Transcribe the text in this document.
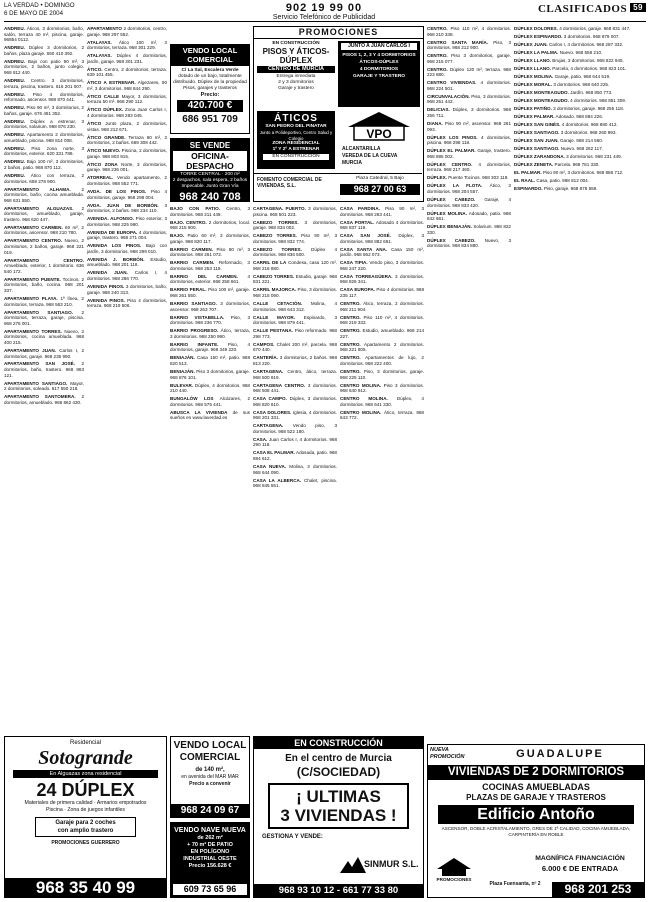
LA VERDAD • DOMINGO
6 DE MAYO DE 2004	902 19 99 00
Servicio Telefónico de Publicidad
CLASIFICADOS 59

ANDREU. Áticos, 3 dormitorios, baño, salón, terraza 40 m², piscina, garaje. 96854 0112.

ANDREU. Dúplex 3 dormitorios, 2 baños, plaza garaje. 650 410 392.

ANDREU. Bajo con patio 90 m², 3 dormitorios, 2 baños, junto colegio. 968 812 440.

ANDREU. Centro. 3 dormitorios, terraza, piscina, trastero. 616 201 007.

ANDREU. Piso 4 dormitorios, reformado, ascensor. 968 870 441.

ANDREU. Piso 90 m², 3 dormitorios, 2 baños, garaje. 676 481 352.

ANDREU. Dúplex a estrenar, 3 dormitorios, solarium. 968 876 230.

ANDREU. Apartamento 2 dormitorios, amueblado, piscina. 968 814 008.

ANDREU. Piso zona norte, 3 dormitorios, exterior. 620 331 789.

ANDREU. Bajo 100 m², 3 dormitorios, 2 baños, patio. 968 870 112.

ANDREU. Ático con terraza, 2 dormitorios. 659 278 900.

APARTAMENTO ALHAMA. 2 dormitorios, baño, cocina amueblada. 968 631 550.

APARTAMENTO ALGUAZAS. 2 dormitorios, amueblado, garaje, trastero. 968 620 447.

APARTAMENTO CARMEN. 60 m², 2 dormitorios, ascensor. 968 210 780.

APARTAMENTO CENTRO. Nuevo, 2 dormitorios, 2 baños, garaje. 968 221 019.

APARTAMENTO CENTRO. Amueblado, exterior, 1 dormitorio. 636 540 172.

APARTAMENTO PUENTE. Tocinos, 2 dormitorios, baño, cocina. 968 201 337.

APARTAMENTO PLAYA. 1ª línea, 2 dormitorios, terraza. 968 563 210.

APARTAMENTO SANTIAGO. 2 dormitorios, terraza, garaje, piscina. 968 276 001.

APARTAMENTO TORRES. Nuevo, 2 dormitorios, cocina amueblada. 968 400 215.

APARTAMENTO JUAN. Carlos I, 2 dormitorios, garaje. 968 235 990.

APARTAMENTO SAN JOSÉ. 2 dormitorios, baño, trastero. 968 883 121.

APARTAMENTO SANTIAGO. Mayor, 2 dormitorios, soleado. 617 550 218.

APARTAMENTO SANTOMERA. 2 dormitorios, amueblado. 968 862 430.

APARTAMENTO 2 dormitorios, centro, garaje. 968 297 552.

ATALAYAS. Ático 100 m², 3 dormitorios, terraza. 968 301 229.

ATALAYAS. Dúplex 4 dormitorios, jardín, garaje. 968 301 231.

ÁTICO. Centro, 2 dormitorios, terraza. 639 101 455.

ÁTICO A ESTRENAR. Algezares, 90 m², 3 dormitorios. 968 844 290.

ÁTICO CALLE Mayor, 3 dormitorios, terraza 50 m². 968 290 112.

ÁTICO DÚPLEX. Zona Juan Carlos I, 4 dormitorios. 968 283 045.

ÁTICO Junto plaza, 2 dormitorios, vistas. 968 212 671.

ÁTICO GRANDE. Terraza 60 m², 3 dormitorios, 2 baños. 669 308 442.

ÁTICO NUEVO. Piscina, 2 dormitorios, garaje. 968 803 915.

ÁTICO ZONA Norte, 3 dormitorios, garaje. 968 236 001.

ATORREAL. Vendo apartamento, 2 dormitorios. 968 552 771.

AVDA. DE LOS PINOS. Piso 4 dormitorios, garaje. 968 298 004.

AVDA. JUAN DE BORBÓN. 3 dormitorios, 2 baños. 968 234 110.

AVENIDA. ALFONSO. Piso exterior, 3 dormitorios. 968 225 990.

AVENIDA DE EUROPA. 4 dormitorios, garaje, trastero. 968 271 004.

AVENIDA LOS PINOS. Bajo con jardín, 3 dormitorios. 968 299 010.

AVENIDA J. BORBÓN. Estudio, amueblado. 968 201 118.

AVENIDA JUAN. Carlos I, 4 dormitorios. 968 286 770.

AVENIDA PINOS. 3 dormitorios, baño, garaje. 968 240 313.

AVENIDA PINOS. Piso 4 dormitorios, terraza. 968 219 506.

BAJO CON PATIO. Centro, 3 dormitorios. 968 211 449.

BAJO. CENTRO. 2 dormitorios, local. 968 215 900.

BAJO. Patio 60 m², 3 dormitorios, garaje. 968 820 117.

BARRIO CARMEN. Piso 80 m², 3 dormitorios. 968 261 072.

BARRIO CARMEN. Reformado, 3 dormitorios. 968 253 119.

BARRIO DEL CARMEN. 4 dormitorios, exterior. 968 258 661.

BARRIO PERAL. Piso 100 m², garaje. 968 261 550.

BARRIO SANTIAGO. 3 dormitorios, ascensor. 968 263 707.

BARRIO VISTABELLA. Piso, 3 dormitorios. 968 236 770.

BARRIO PROGRESO. Ático, terraza, 3 dormitorios. 968 250 990.

BARRIO INFANTE. Piso, 4 dormitorios, garaje. 968 349 220.

BENIAJÁN. Casa 150 m², patio. 968 820 513.

BENIAJÁN. Piso 3 dormitorios, garaje. 968 876 101.

BULEVAR. Dúplex, 4 dormitorios. 968 210 440.

BUNGALÓW LOS Alcázares, 2 dormitorios. 968 575 441.

ABUSCA LA VIVIENDA de sus sueños en www.laverdad.es

CARTAGENA. PUERTO. 3 dormitorios, piscina. 968 501 223.

CABEZO TORRES. 3 dormitorios, garaje. 968 834 002.

CABEZO TORRES. Piso 90 m², 3 dormitorios. 968 832 774.

CABEZO TORRES. Dúplex 4 dormitorios. 968 836 500.

CARRIL DE LA Condesa, casa 120 m². 968 216 880.

CABEZO TORRES. Estudio, garaje. 968 831 221.

CARRIL MAJORCA. Piso, 3 dormitorios. 968 215 090.

CALLE CETACIÓN. Molina, 4 dormitorios. 968 643 312.

CALLE MAYOR. Espinardo, 3 dormitorios. 968 879 441.

CALLE PESTANA. Piso reformado. 968 298 773.

CAMPOS. Chalet 200 m², parcela. 968 670 440.

CANTERÍA. 3 dormitorios, 2 baños. 968 813 220.

CARTAGENA. Centro, ático, terraza. 968 500 919.

CARTAGENA CENTRO. 3 dormitorios. 968 508 441.

CASA CAMPO. Dúplex, 3 dormitorios. 968 820 610.

CASA DOLORES. Iglesia, 4 dormitorios. 968 201 331.

CARTAGENA. Vendo piso, 3 dormitorios. 968 522 180.

CASA. Juan Carlos I, 4 dormitorios. 968 290 118.

CASA EL PALMAR. Adosada, patio. 968 884 612.

CASA NUEVA. Molina, 3 dormitorios. 968 644 090.

CASA LA ALBERCA. Chalet, piscina. 968 845 551.

CASA PARDINA. Piso 90 m², 3 dormitorios. 968 263 441.

CASA PORTAL. Adosado 4 dormitorios. 968 837 119.

CASA SAN JOSÉ. Dúplex, 3 dormitorios. 968 882 661.

CASA SANTA ANA. Casa 150 m², jardín. 968 862 073.

CASA TIPIA. Vendo piso, 3 dormitorios. 968 247 220.

CASA TORREAGÜERA. 3 dormitorios. 968 826 341.

CASA EUROPA. Piso 4 dormitorios. 968 235 117.

CENTRO. Ático, terraza, 2 dormitorios. 968 211 904.

CENTRO. Piso 110 m², 4 dormitorios. 968 219 332.

CENTRO. Estudio, amueblado. 968 214 227.

CENTRO. Apartamento 2 dormitorios. 968 221 805.

CENTRO. Apartamentos de lujo, 2 dormitorios. 968 222 400.

CENTRO. Piso, 3 dormitorios, garaje. 968 225 110.

CENTRO MOLINA. Piso 3 dormitorios. 968 640 912.

CENTRO MOLINA. Dúplex, 4 dormitorios. 968 641 330.

CENTRO MOLINA. Ático, terraza. 968 643 772.

CENTRO. Piso 110 m², 4 dormitorios. 968 210 338.

CENTRO SANTA MARÍA. Piso, 3 dormitorios. 968 212 900.

CENTRO. Piso 3 dormitorios, garaje. 968 215 077.

CENTRO. Dúplex 120 m², terraza. 968 223 880.

CENTRO VIVIENDAS. 4 dormitorios. 968 224 501.

CIRCUNVALACIÓN. Piso, 3 dormitorios. 968 251 442.

DELICIAS. Dúplex, 3 dormitorios. 968 256 711.

DIANA. Piso 90 m², ascensor. 968 261 093.

DÚPLEX LOS PINOS. 4 dormitorios, piscina. 968 298 118.

DÚPLEX EL PALMAR. Garaje, trastero. 968 885 002.

DÚPLEX CENTRO. 4 dormitorios, terraza. 968 217 460.

DÚPLEX. Puente Tocinos. 968 303 119.

DÚPLEX LA FLOTA. Ático, 3 dormitorios. 968 204 557.

DÚPLEX CABEZO. Garaje, 4 dormitorios. 968 833 420.

DÚPLEX MOLINA. Adosado, patio. 968 642 661.

DÚPLEX BENIAJÁN. Solarium. 968 822 330.

DÚPLEX CABEZO. Nuevo, 3 dormitorios. 968 834 880.

DÚPLEX DOLORES. 4 dormitorios, garaje. 968 831 447.

DÚPLEX ESPINARDO. 3 dormitorios. 968 879 007.

DÚPLEX JUAN. Carlos I, 4 dormitorios. 968 287 332.

DÚPLEX LA PALMA. Nuevo. 968 558 210.

DÚPLEX LLANO. Brujas, 3 dormitorios. 968 822 945.

DÚPLEX LLANO. Parcela, 4 dormitorios. 968 823 101.

DÚPLEX MOLINA. Garaje, patio. 968 644 519.

DÚPLEX MORAL. 3 dormitorios. 968 640 225.

DÚPLEX MONTEAGUDO. Jardín. 968 850 773.

DÚPLEX MONTEAGUDO. 4 dormitorios. 968 851 309.

DÚPLEX PATIÑO. 3 dormitorios, garaje. 968 255 118.

DÚPLEX PALMAR. Adosado. 968 884 226.

DÚPLEX SAN GINÉS. 4 dormitorios. 968 880 412.

DÚPLEX SANTIAGO. 3 dormitorios. 968 260 993.

DÚPLEX SAN JUAN. Garaje. 968 214 560.

DÚPLEX SANTIAGO. Nuevo. 968 262 117.

DÚPLEX ZARANDONA. 3 dormitorios. 968 231 449.

DÚPLEX ZENETA. Parcela. 968 781 330.

EL PALMAR. Piso 90 m², 3 dormitorios. 968 886 712.

EL RAAL. Casa, patio. 968 812 004.

ESPINARDO. Piso, garaje. 968 878 559.

VENDO LOCAL COMERCIAL
C/ La Sal, Escalera Verde
dotado de un bajo, totalmente
distribuido. Dúplex de la propiedad
Pisos, garajes y trasteros
Precio:
420.700 €
686 951 709
SE VENDE
OFICINA-DESPACHO
TORRE CENTRAL · 200 m²
2 despachos, sala espera, 2 baños
Impecable. Junto Gran Vía
968 240 708
PROMOCIONES
EN CONSTRUCCIÓN
PISOS Y ÁTICOS-DÚPLEX
CENTRO DE MURCIA
Entrega inmediata
2 y 3 dormitorios
Garaje y trastero
JUNTO A JUAN CARLOS I
PISOS 1, 2, 3 Y 4 DORMITORIOS
ÁTICOS-DÚPLEX
4 DORMITORIOS
GARAJE Y TRASTERO
ÁTICOS
SAN PEDRO DEL PINATAR
Junto a Polideportivo, Centro Salud y Colegio
ZONA RESIDENCIAL
1º Y 2º A ESTRENAR
EN CONSTRUCCIÓN
VPO
ALCANTARILLA
VEREDA DE LA CUEVA
MURCIA
FOMENTO COMERCIAL DE VIVIENDAS, S.L.
Plaza Catedral, 5 Bajo
968 27 00 63
Residencial
Sotogrande
En Alguazas zona residencial
24 DÚPLEX
Materiales de primera calidad · Armarios empotrados
Piscina · Zona de juegos infantiles
Garaje para 2 coches
con amplio trastero
PROMOCIONES GUERRERO
968 35 40 99
VENDO LOCAL COMERCIAL
de 140 m²,
en avenida del MAR MAR
Precio a convenir
968 24 09 67
VENDO NAVE NUEVA
de 262 m²
+ 70 m² DE PATIO
EN POLÍGONO
INDUSTRIAL OESTE
Precio 156.628 €
609 73 65 96
EN CONSTRUCCIÓN
En el centro de Murcia
(C/SOCIEDAD)
¡ ULTIMAS
3 VIVIENDAS !
GESTIONA Y VENDE:
SINMUR S.L.
968 93 10 12 - 661 77 33 80
NUEVA PROMOCIÓN	GUADALUPE
VIVIENDAS DE 2 DORMITORIOS
COCINAS AMUEBLADAS
PLAZAS DE GARAJE Y TRASTEROS
Edificio Antoño
ASCENSOR, DOBLE ACRISTALAMIENTO, GRES DE 1ª CALIDAD, COCINA AMUEBLADA, CARPINTERÍA EN ROBLE
PROMOCIONES
MAGNÍFICA FINANCIACIÓN
6.000 € DE ENTRADA
Plaza Fuensanta, nº 2	968 201 253
